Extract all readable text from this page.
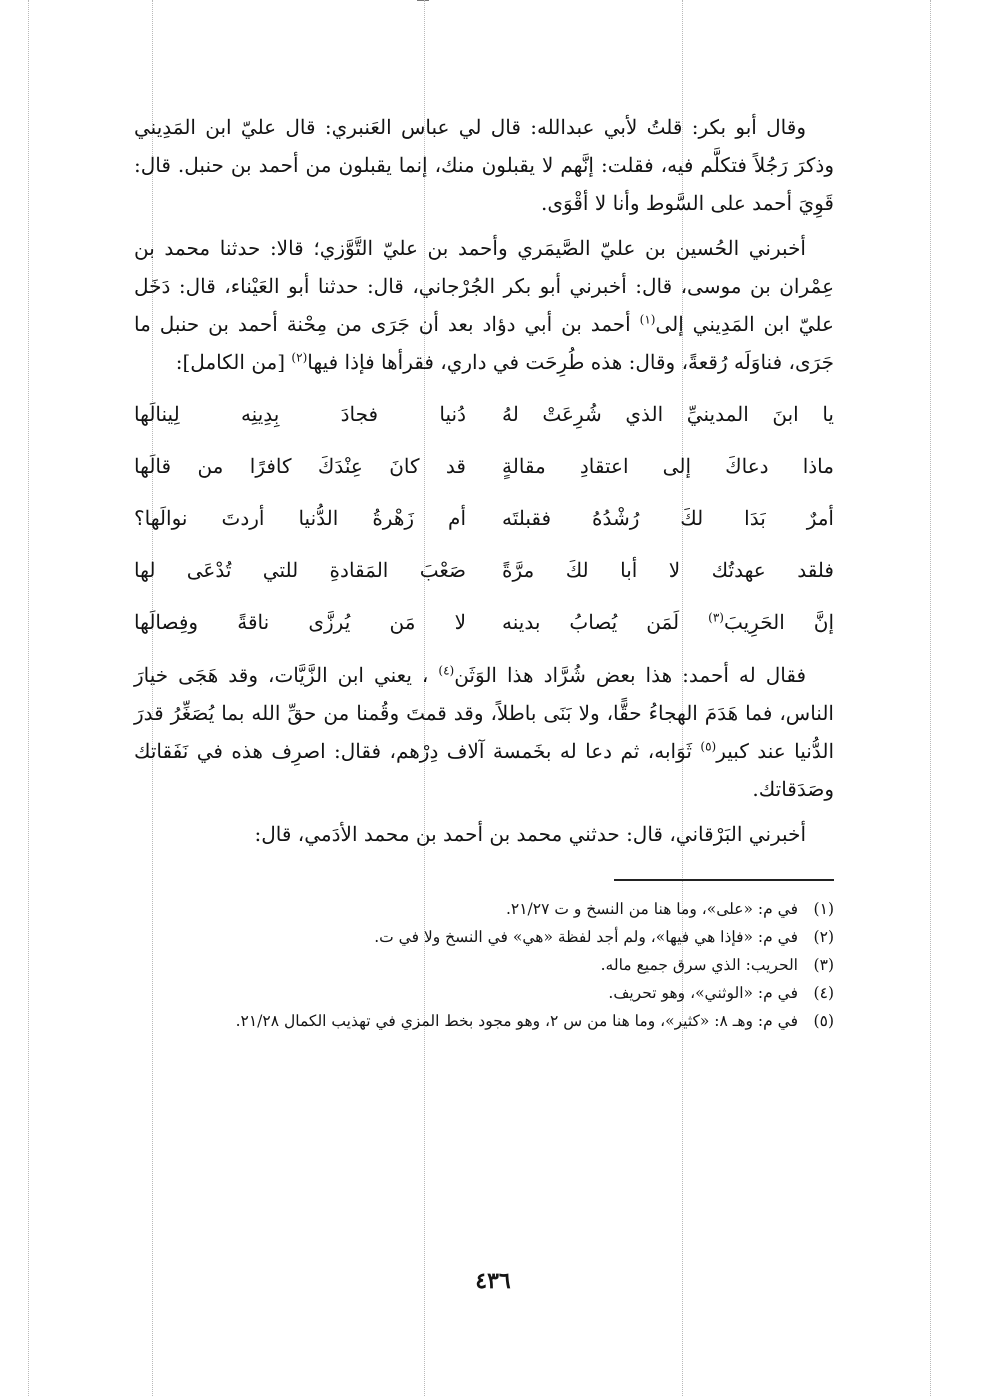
وقال أبو بكر: قلتُ لأبي عبدالله: قال لي عباس العَنبري: قال عليّ ابن المَدِيني وذكرَ رَجُلاً فتكلَّم فيه، فقلت: إنَّهم لا يقبلون منك، إنما يقبلون من أحمد بن حنبل. قال: قَوِيَ أحمد على السَّوط وأنا لا أقْوَى.

أخبرني الحُسين بن عليّ الصَّيمَري وأحمد بن عليّ التَّوَّزي؛ قالا: حدثنا محمد بن عِمْران بن موسى، قال: أخبرني أبو بكر الجُرْجاني، قال: حدثنا أبو العَيْناء، قال: دَخَل عليّ ابن المَدِيني إلى$^{(١)}$ أحمد بن أبي دؤاد بعد أن جَرَى من مِحْنة أحمد بن حنبل ما جَرَى، فناوَلَه رُقعةً، وقال: هذه طُرِحَت في داري، فقرأها فإذا فيها$^{(٢)}$ [من الكامل]:

يا ابنَ المدينيِّ الذي شُرِعَتْ لهُ
دُنيا فجادَ بِدِينِه لِينالَها
ماذا دعاكَ إلى اعتقادِ مقالةٍ
قد كانَ عِنْدَكَ كافرًا من قالَها
أمرٌ بَدَا لكَ رُشْدُهُ فقبلتَه
أم زَهْرةُ الدُّنيا أردتَ نوالَها؟
فلقد عهدتُك لا أبا لكَ مرَّةً
صَعْبَ المَقادةِ للتي تُدْعَى لها
إنَّ الحَرِيبَ$^{(٣)}$ لَمَن يُصابُ بدينه
لا مَن يُرزَّى ناقةً وفِصالَها

فقال له أحمد: هذا بعض شُرَّاد هذا الوَثَن$^{(٤)}$ ، يعني ابن الزَّيَّات، وقد هَجَى خيارَ الناس، فما هَدَمَ الهجاءُ حقًّا، ولا بَنَى باطلاً، وقد قمتَ وقُمنا من حقِّ الله بما يُصَغِّرُ قدرَ الدُّنيا عند كبير$^{(٥)}$ ثَوَابه، ثم دعا له بخَمسة آلاف دِرْهم، فقال: اصرِف هذه في نَفَقاتك وصَدَقاتك.

أخبرني البَرْقاني، قال: حدثني محمد بن أحمد بن محمد الأدَمي، قال:

(١)
في م: «على»، وما هنا من النسخ و ت ٢١/٢٧.
(٢)
في م: «فإذا هي فيها»، ولم أجد لفظة «هي» في النسخ ولا في ت.
(٣)
الحريب: الذي سرق جميع ماله.
(٤)
في م: «الوثني»، وهو تحريف.
(٥)
في م: وهـ ٨: «كثير»، وما هنا من س ٢، وهو مجود بخط المزي في تهذيب الكمال ٢١/٢٨.
٤٣٦
